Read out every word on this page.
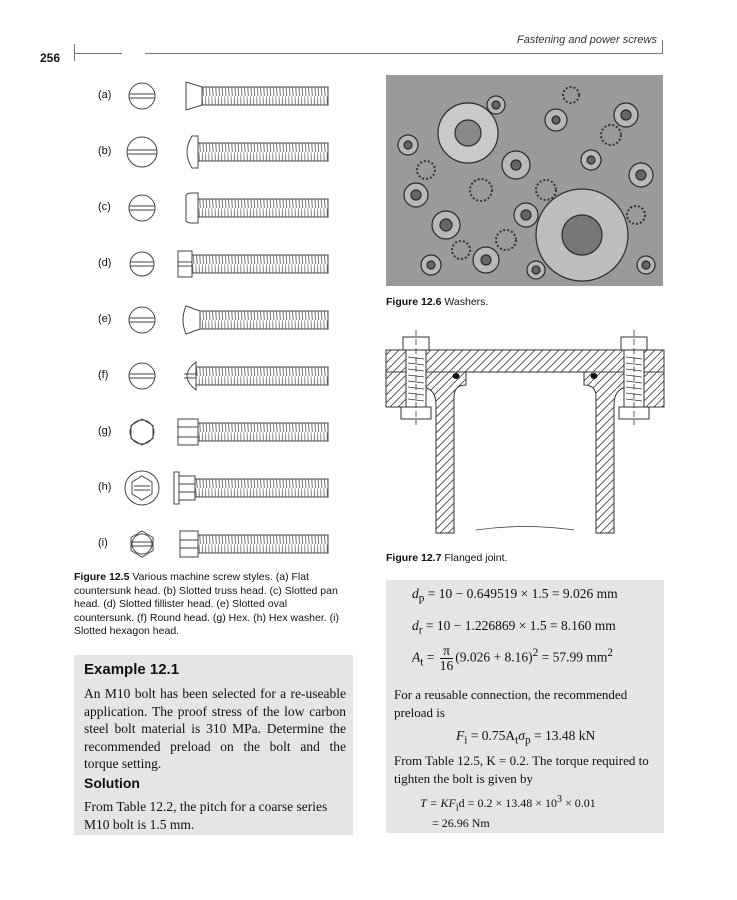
256
Fastening and power screws
(a)
(b)
(c)
(d)
(e)
(f)
(g)
(h)
(i)
Figure 12.5 Various machine screw styles. (a) Flat countersunk head. (b) Slotted truss head. (c) Slotted pan head. (d) Slotted fillister head. (e) Slotted oval countersunk. (f) Round head. (g) Hex. (h) Hex washer. (i) Slotted hexagon head.
Figure 12.6 Washers.
Figure 12.7 Flanged joint.
Example 12.1
An M10 bolt has been selected for a re-useable application. The proof stress of the low carbon steel bolt material is 310 MPa. Determine the recommended preload on the bolt and the torque setting.
Solution
From Table 12.2, the pitch for a coarse series M10 bolt is 1.5 mm.
$d_p = 10 - 0.649519 \times 1.5 = 9.026$ mm
$d_r = 10 - 1.226869 \times 1.5 = 8.160$ mm
$A_t = \frac{\pi}{16} (9.026 + 8.16)^2 = 57.99$ $mm^2$
For a reusable connection, the recommended preload is
$F_i = 0.75A_t\sigma_p = 13.48$ kN
From Table 12.5, K = 0.2. The torque required to tighten the bolt is given by
$T = KF_id = 0.2 \times 13.48 \times 10^3 \times 0.01$
= 26.96 Nm
